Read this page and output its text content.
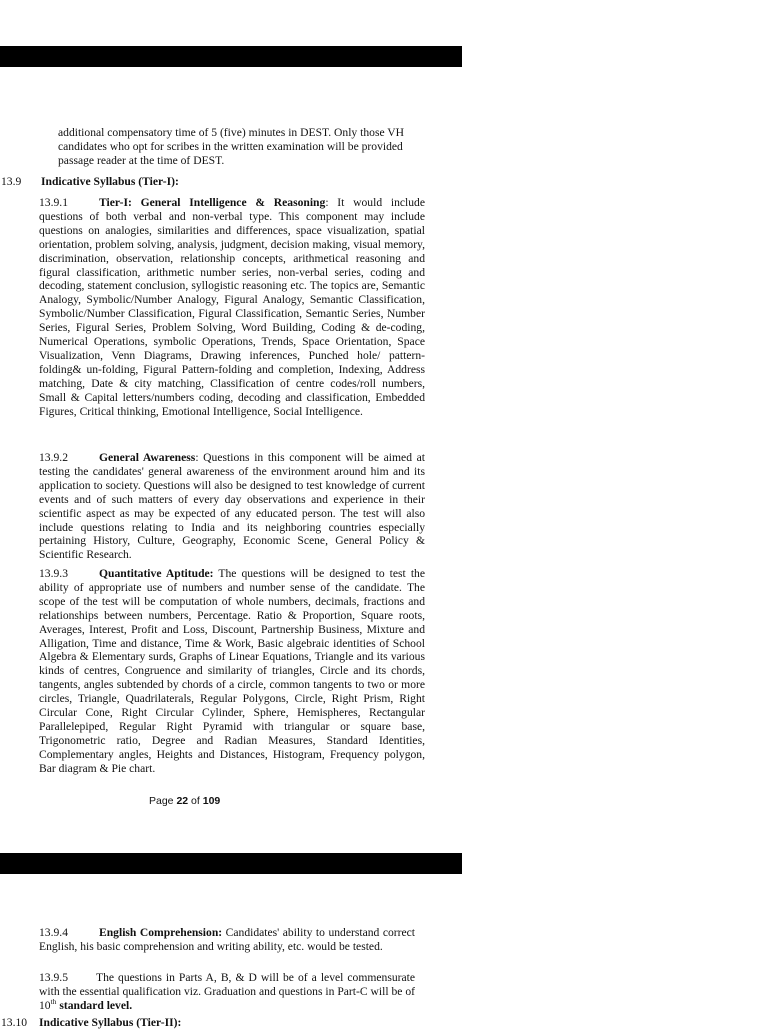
additional compensatory time of 5 (five) minutes in DEST. Only those VH candidates who opt for scribes in the written examination will be provided passage reader at the time of DEST.
13.9 Indicative Syllabus (Tier-I):
13.9.1	Tier-I: General Intelligence & Reasoning: It would include questions of both verbal and non-verbal type. This component may include questions on analogies, similarities and differences, space visualization, spatial orientation, problem solving, analysis, judgment, decision making, visual memory, discrimination, observation, relationship concepts, arithmetical reasoning and figural classification, arithmetic number series, non-verbal series, coding and decoding, statement conclusion, syllogistic reasoning etc. The topics are, Semantic Analogy, Symbolic/Number Analogy, Figural Analogy, Semantic Classification, Symbolic/Number Classification, Figural Classification, Semantic Series, Number Series, Figural Series, Problem Solving, Word Building, Coding & de-coding, Numerical Operations, symbolic Operations, Trends, Space Orientation, Space Visualization, Venn Diagrams, Drawing inferences, Punched hole/ pattern-folding& un-folding, Figural Pattern-folding and completion, Indexing, Address matching, Date & city matching, Classification of centre codes/roll numbers, Small & Capital letters/numbers coding, decoding and classification, Embedded Figures, Critical thinking, Emotional Intelligence, Social Intelligence.
13.9.2	General Awareness: Questions in this component will be aimed at testing the candidates' general awareness of the environment around him and its application to society. Questions will also be designed to test knowledge of current events and of such matters of every day observations and experience in their scientific aspect as may be expected of any educated person. The test will also include questions relating to India and its neighboring countries especially pertaining History, Culture, Geography, Economic Scene, General Policy & Scientific Research.
13.9.3	Quantitative Aptitude: The questions will be designed to test the ability of appropriate use of numbers and number sense of the candidate. The scope of the test will be computation of whole numbers, decimals, fractions and relationships between numbers, Percentage. Ratio & Proportion, Square roots, Averages, Interest, Profit and Loss, Discount, Partnership Business, Mixture and Alligation, Time and distance, Time & Work, Basic algebraic identities of School Algebra & Elementary surds, Graphs of Linear Equations, Triangle and its various kinds of centres, Congruence and similarity of triangles, Circle and its chords, tangents, angles subtended by chords of a circle, common tangents to two or more circles, Triangle, Quadrilaterals, Regular Polygons, Circle, Right Prism, Right Circular Cone, Right Circular Cylinder, Sphere, Hemispheres, Rectangular Parallelepiped, Regular Right Pyramid with triangular or square base, Trigonometric ratio, Degree and Radian Measures, Standard Identities, Complementary angles, Heights and Distances, Histogram, Frequency polygon, Bar diagram & Pie chart.
Page 22 of 109
13.9.4	English Comprehension: Candidates' ability to understand correct English, his basic comprehension and writing ability, etc. would be tested.
13.9.5 The questions in Parts A, B, & D will be of a level commensurate with the essential qualification viz. Graduation and questions in Part-C will be of 10th standard level.
13.10 Indicative Syllabus (Tier-II):
